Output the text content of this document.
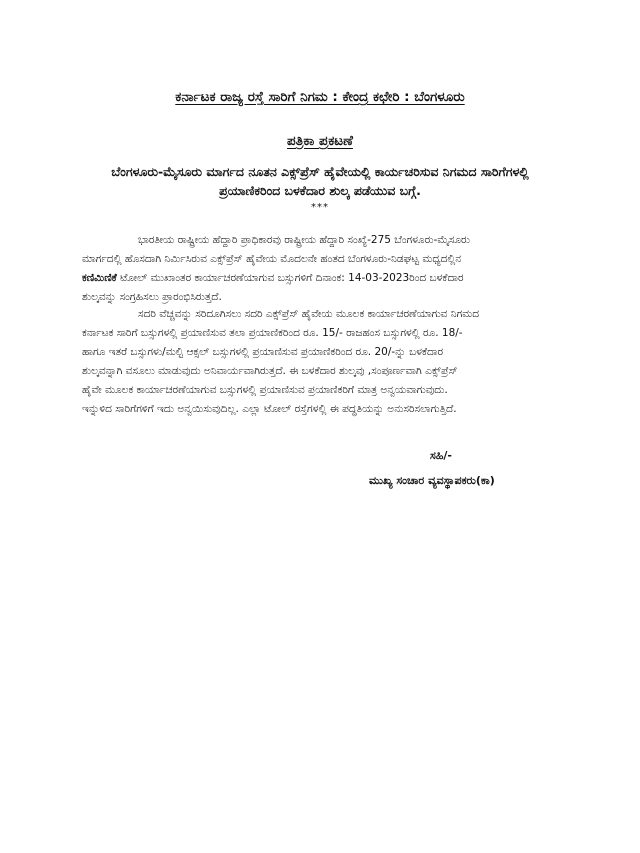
ಕರ್ನಾಟಕ ರಾಜ್ಯ ರಸ್ತೆ ಸಾರಿಗೆ ನಿಗಮ : ಕೇಂದ್ರ ಕಛೇರಿ : ಬೆಂಗಳೂರು
ಪತ್ರಿಕಾ ಪ್ರಕಟಣೆ
ಬೆಂಗಳೂರು-ಮೈಸೂರು ಮಾರ್ಗದ ನೂತನ ಎಕ್ಸ್‌ಪ್ರೆಸ್ ಹೈವೇಯಲ್ಲಿ ಕಾರ್ಯಚರಿಸುವ ನಿಗಮದ ಸಾರಿಗೆಗಳಲ್ಲಿ
ಪ್ರಯಾಣಿಕರಿಂದ ಬಳಕೆದಾರ ಶುಲ್ಕ ಪಡೆಯುವ ಬಗ್ಗೆ.
***
ಭಾರತೀಯ ರಾಷ್ಟ್ರೀಯ ಹೆದ್ದಾರಿ ಪ್ರಾಧಿಕಾರವು ರಾಷ್ಟ್ರೀಯ ಹೆದ್ದಾರಿ ಸಂಖ್ಯೆ-275 ಬೆಂಗಳೂರು-ಮೈಸೂರು
ಮಾರ್ಗದಲ್ಲಿ ಹೊಸದಾಗಿ ನಿರ್ಮಿಸಿರುವ ಎಕ್ಸ್‌ಪ್ರೆಸ್ ಹೈವೇಯ ಮೊದಲನೇ ಹಂತದ ಬೆಂಗಳೂರು-ನಿಡಘಟ್ಟ ಮಧ್ಯದಲ್ಲಿನ
ಕಣಿಮಿಣಿಕೆ ಟೋಲ್ ಮುಖಾಂತರ ಕಾರ್ಯಾಚರಣೆಯಾಗುವ ಬಸ್ಸುಗಳಿಗೆ ದಿನಾಂಕ: 14-03-2023ರಿಂದ ಬಳಕೆದಾರ
ಶುಲ್ಕವನ್ನು ಸಂಗ್ರಹಿಸಲು ಪ್ರಾರಂಭಿಸಿರುತ್ತದೆ.
ಸದರಿ ವೆಚ್ಚವನ್ನು ಸರಿದೂಗಿಸಲು ಸದರಿ ಎಕ್ಸ್‌ಪ್ರೆಸ್ ಹೈವೇಯ ಮೂಲಕ ಕಾರ್ಯಾಚರಣೆಯಾಗುವ ನಿಗಮದ
ಕರ್ನಾಟಕ ಸಾರಿಗೆ ಬಸ್ಸುಗಳಲ್ಲಿ ಪ್ರಯಾಣಿಸುವ ತಲಾ ಪ್ರಯಾಣಿಕರಿಂದ ರೂ. 15/- ರಾಜಹಂಸ ಬಸ್ಸುಗಳಲ್ಲಿ ರೂ. 18/-
ಹಾಗೂ ಇತರೆ ಬಸ್ಸುಗಳು/ಮಲ್ಟಿ ಆಕ್ಸಲ್ ಬಸ್ಸುಗಳಲ್ಲಿ ಪ್ರಯಾಣಿಸುವ ಪ್ರಯಾಣಿಕರಿಂದ ರೂ. 20/-ನ್ನು ಬಳಕೆದಾರ
ಶುಲ್ಕವನ್ನಾಗಿ ವಸೂಲು ಮಾಡುವುದು ಅನಿವಾರ್ಯವಾಗಿರುತ್ತದೆ. ಈ ಬಳಕೆದಾರ ಶುಲ್ಕವು ,ಸಂಪೂರ್ಣವಾಗಿ ಎಕ್ಸ್‌ಪ್ರೆಸ್
ಹೈವೇ ಮೂಲಕ ಕಾರ್ಯಾಚರಣೆಯಾಗುವ ಬಸ್ಸುಗಳಲ್ಲಿ ಪ್ರಯಾಣಿಸುವ ಪ್ರಯಾಣಿಕರಿಗೆ ಮಾತ್ರ ಅನ್ವಯವಾಗುವುದು.
ಇನ್ನುಳಿದ ಸಾರಿಗೆಗಳಿಗೆ ಇದು ಅನ್ವಯಿಸುವುದಿಲ್ಲ. ಎಲ್ಲಾ ಟೋಲ್ ರಸ್ತೆಗಳಲ್ಲಿ ಈ ಪದ್ಧತಿಯನ್ನು ಅನುಸರಿಸಲಾಗುತ್ತಿದೆ.
ಸಹಿ/-
ಮುಖ್ಯ ಸಂಚಾರ ವ್ಯವಸ್ಥಾಪಕರು(ಕಾ)
